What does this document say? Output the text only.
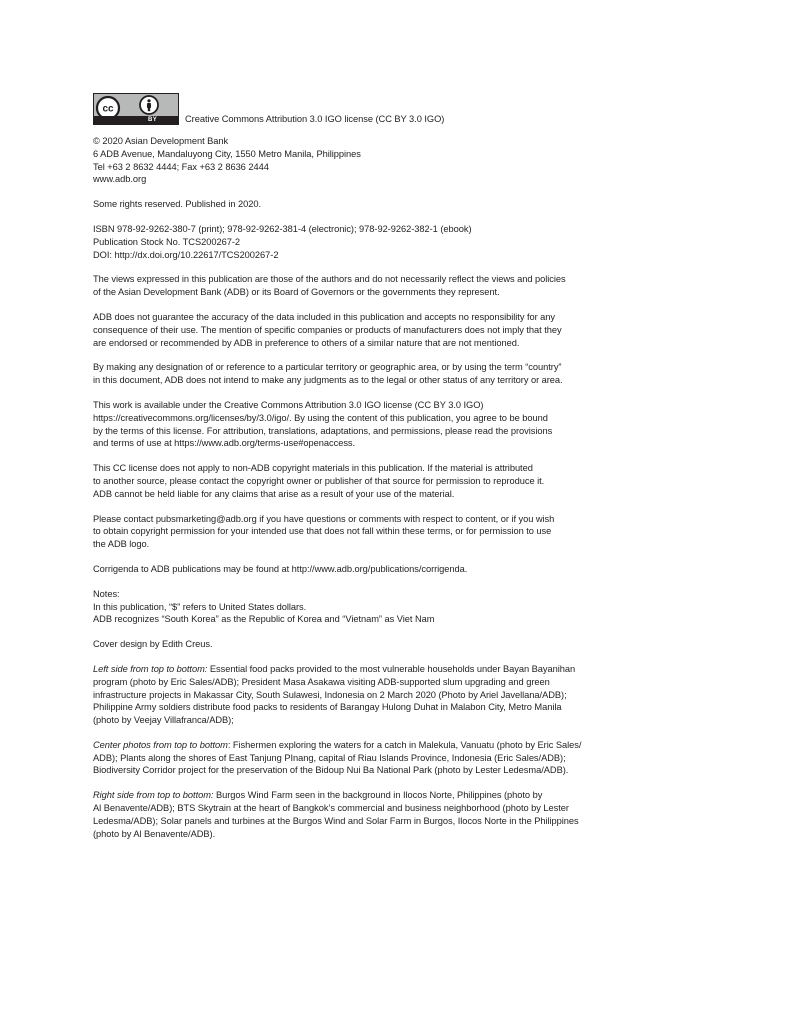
cc
BY	Creative Commons Attribution 3.0 IGO license (CC BY 3.0 IGO)

© 2020 Asian Development Bank
6 ADB Avenue, Mandaluyong City, 1550 Metro Manila, Philippines
Tel +63 2 8632 4444; Fax +63 2 8636 2444
www.adb.org

Some rights reserved. Published in 2020.

ISBN 978-92-9262-380-7 (print); 978-92-9262-381-4 (electronic); 978-92-9262-382-1 (ebook)
Publication Stock No. TCS200267-2
DOI: http://dx.doi.org/10.22617/TCS200267-2

The views expressed in this publication are those of the authors and do not necessarily reflect the views and policies
of the Asian Development Bank (ADB) or its Board of Governors or the governments they represent.

ADB does not guarantee the accuracy of the data included in this publication and accepts no responsibility for any
consequence of their use. The mention of specific companies or products of manufacturers does not imply that they
are endorsed or recommended by ADB in preference to others of a similar nature that are not mentioned.

By making any designation of or reference to a particular territory or geographic area, or by using the term “country”
in this document, ADB does not intend to make any judgments as to the legal or other status of any territory or area.

This work is available under the Creative Commons Attribution 3.0 IGO license (CC BY 3.0 IGO)
https://creativecommons.org/licenses/by/3.0/igo/. By using the content of this publication, you agree to be bound
by the terms of this license. For attribution, translations, adaptations, and permissions, please read the provisions
and terms of use at https://www.adb.org/terms-use#openaccess.

This CC license does not apply to non-ADB copyright materials in this publication. If the material is attributed
to another source, please contact the copyright owner or publisher of that source for permission to reproduce it.
ADB cannot be held liable for any claims that arise as a result of your use of the material.

Please contact pubsmarketing@adb.org if you have questions or comments with respect to content, or if you wish
to obtain copyright permission for your intended use that does not fall within these terms, or for permission to use
the ADB logo.

Corrigenda to ADB publications may be found at http://www.adb.org/publications/corrigenda.

Notes:
In this publication, “$” refers to United States dollars.
ADB recognizes “South Korea” as the Republic of Korea and “Vietnam” as Viet Nam

Cover design by Edith Creus.

Left side from top to bottom: Essential food packs provided to the most vulnerable households under Bayan Bayanihan
program (photo by Eric Sales/ADB); President Masa Asakawa visiting ADB-supported slum upgrading and green
infrastructure projects in Makassar City, South Sulawesi, Indonesia on 2 March 2020 (Photo by Ariel Javellana/ADB);
Philippine Army soldiers distribute food packs to residents of Barangay Hulong Duhat in Malabon City, Metro Manila
(photo by Veejay Villafranca/ADB);

Center photos from top to bottom: Fishermen exploring the waters for a catch in Malekula, Vanuatu (photo by Eric Sales/
ADB); Plants along the shores of East Tanjung PInang, capital of Riau Islands Province, Indonesia (Eric Sales/ADB);
Biodiversity Corridor project for the preservation of the Bidoup Nui Ba National Park (photo by Lester Ledesma/ADB).

Right side from top to bottom: Burgos Wind Farm seen in the background in Ilocos Norte, Philippines (photo by
Al Benavente/ADB); BTS Skytrain at the heart of Bangkok’s commercial and business neighborhood (photo by Lester
Ledesma/ADB); Solar panels and turbines at the Burgos Wind and Solar Farm in Burgos, Ilocos Norte in the Philippines
(photo by Al Benavente/ADB).
